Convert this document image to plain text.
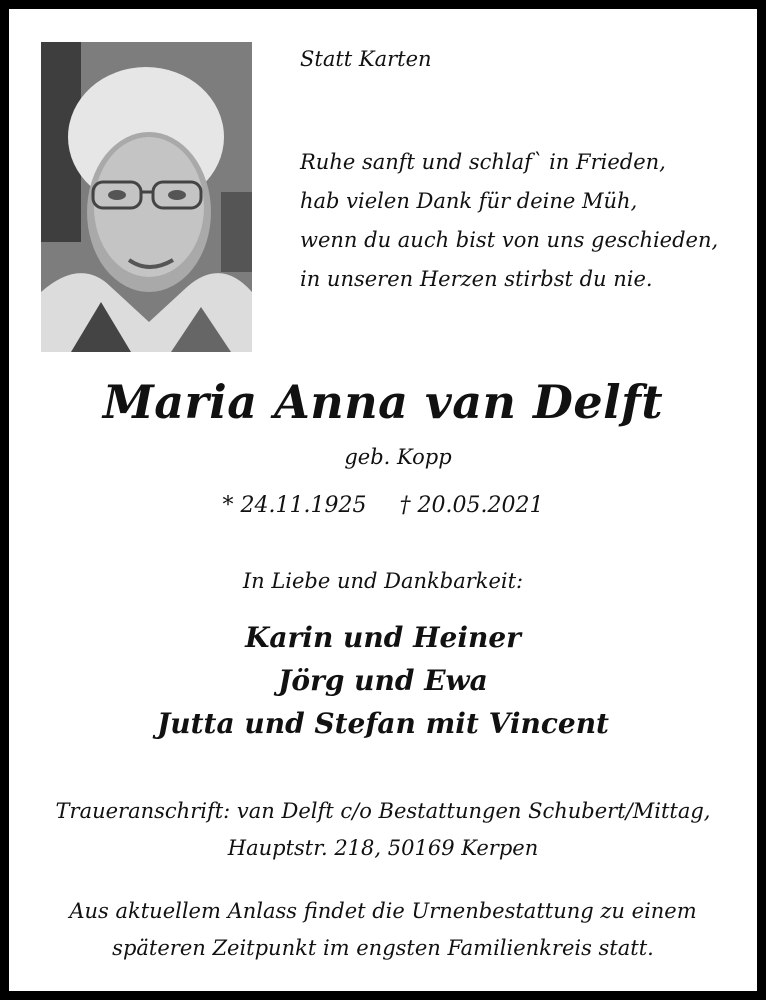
Statt Karten
Ruhe sanft und schlaf` in Frieden,
hab vielen Dank für deine Müh,
wenn du auch bist von uns geschieden,
in unseren Herzen stirbst du nie.
Maria Anna van Delft
geb. Kopp
* 24.11.1925 † 20.05.2021
In Liebe und Dankbarkeit:
Karin und Heiner
Jörg und Ewa
Jutta und Stefan mit Vincent
Traueranschrift: van Delft c/o Bestattungen Schubert/Mittag,
Hauptstr. 218, 50169 Kerpen
Aus aktuellem Anlass findet die Urnenbestattung zu einem
späteren Zeitpunkt im engsten Familienkreis statt.
